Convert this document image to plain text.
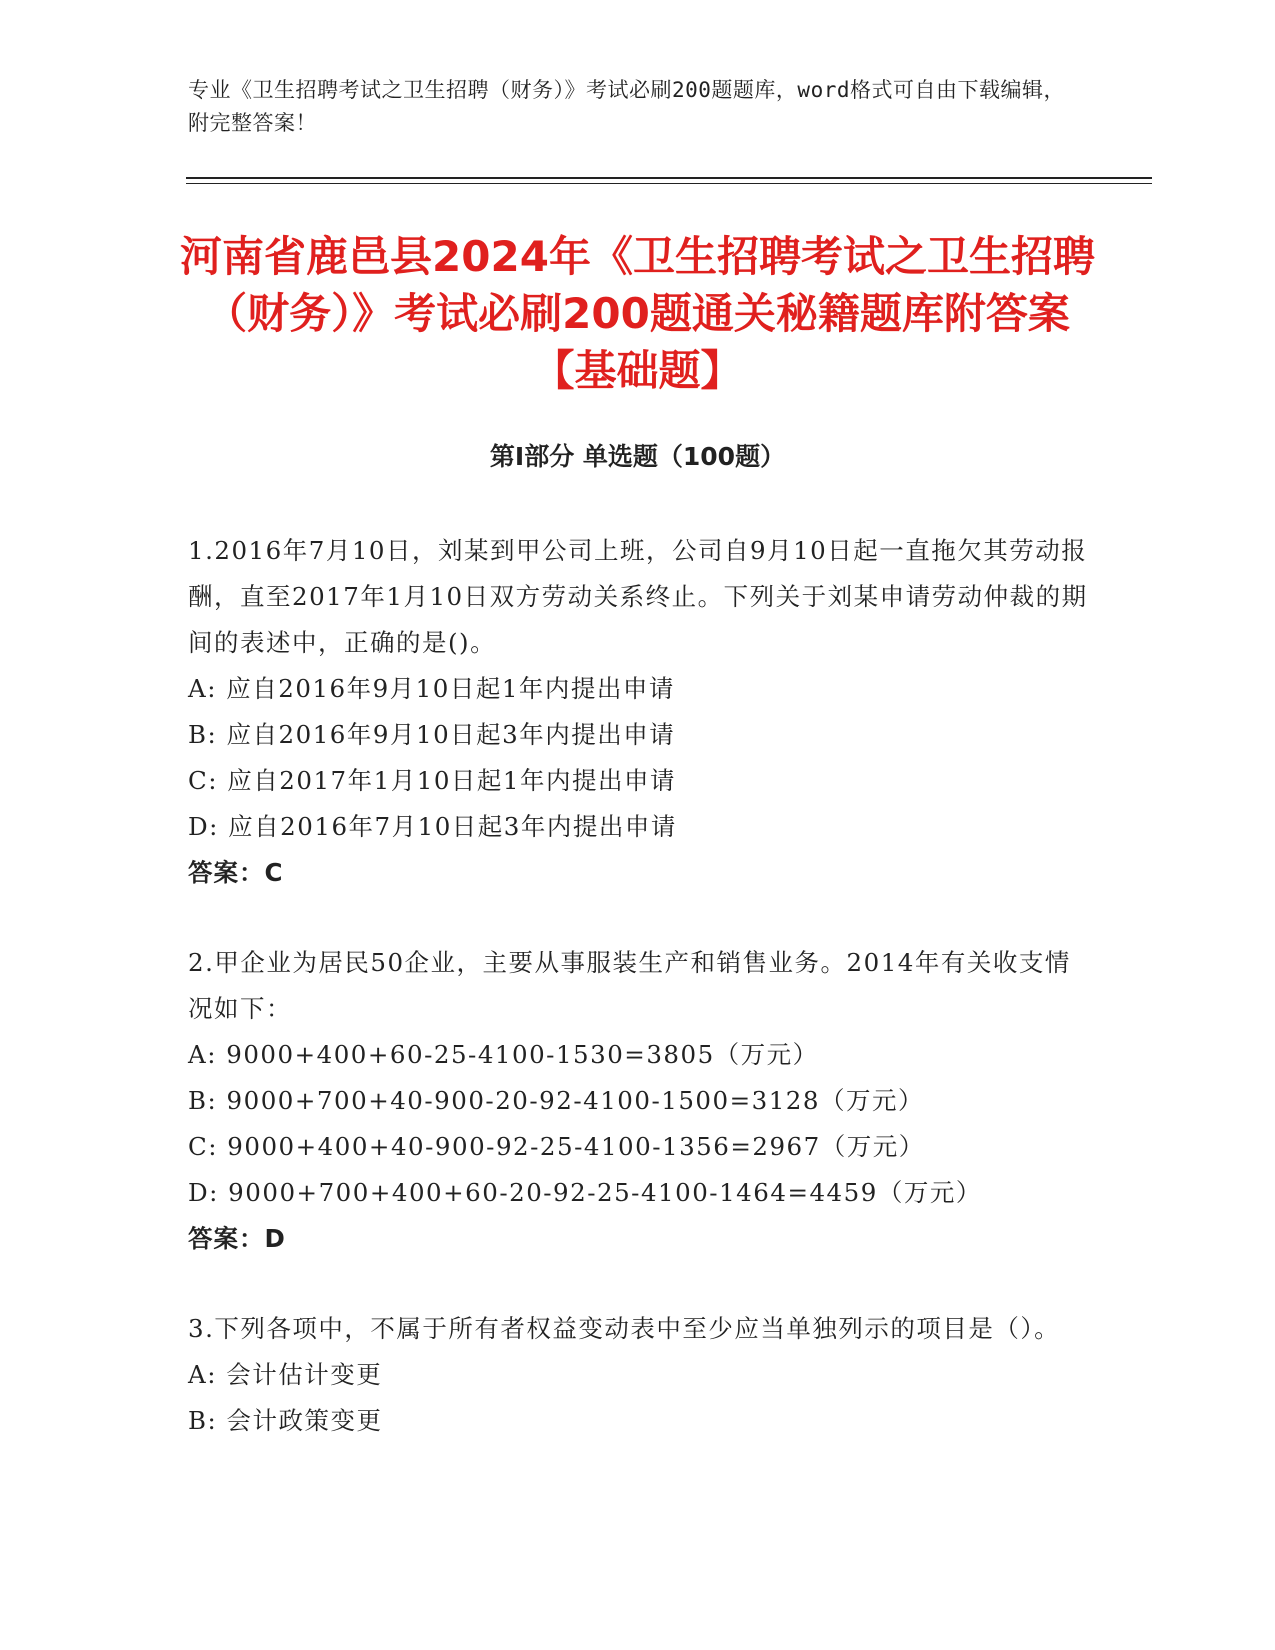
专业《卫生招聘考试之卫生招聘（财务）》考试必刷200题题库，word格式可自由下载编辑，附完整答案！
河南省鹿邑县2024年《卫生招聘考试之卫生招聘（财务）》考试必刷200题通关秘籍题库附答案【基础题】
第Ⅰ部分 单选题（100题）

1.2016年7月10日，刘某到甲公司上班，公司自9月10日起一直拖欠其劳动报酬，直至2017年1月10日双方劳动关系终止。下列关于刘某申请劳动仲裁的期间的表述中，正确的是()。

A: 应自2016年9月10日起1年内提出申请

B: 应自2016年9月10日起3年内提出申请

C: 应自2017年1月10日起1年内提出申请

D: 应自2016年7月10日起3年内提出申请

答案：C

2.甲企业为居民50企业，主要从事服装生产和销售业务。2014年有关收支情况如下：

A: 9000+400+60-25-4100-1530=3805（万元）

B: 9000+700+40-900-20-92-4100-1500=3128（万元）

C: 9000+400+40-900-92-25-4100-1356=2967（万元）

D: 9000+700+400+60-20-92-25-4100-1464=4459（万元）

答案：D

3.下列各项中，不属于所有者权益变动表中至少应当单独列示的项目是（）。

A: 会计估计变更

B: 会计政策变更
